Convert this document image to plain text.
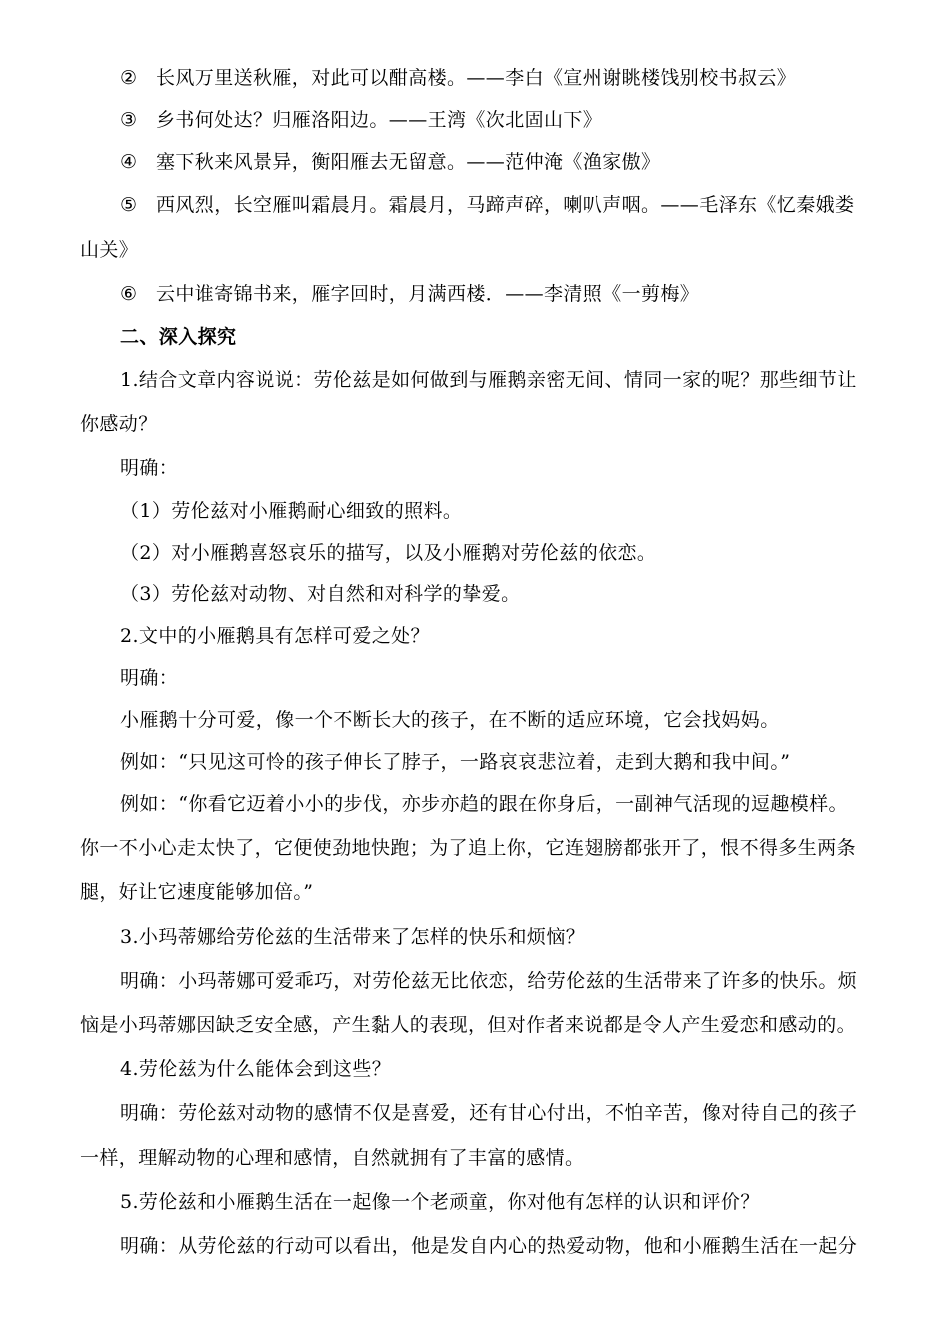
② 长风万里送秋雁，对此可以酣高楼。——李白《宣州谢眺楼饯别校书叔云》
③ 乡书何处达？归雁洛阳边。——王湾《次北固山下》
④ 塞下秋来风景异，衡阳雁去无留意。——范仲淹《渔家傲》
⑤ 西风烈，长空雁叫霜晨月。霜晨月，马蹄声碎，喇叭声咽。——毛泽东《忆秦娥娄
山关》
⑥ 云中谁寄锦书来，雁字回时，月满西楼．——李清照《一剪梅》
二、深入探究
1.结合文章内容说说：劳伦兹是如何做到与雁鹅亲密无间、情同一家的呢？那些细节让
你感动？
明确：
（1）劳伦兹对小雁鹅耐心细致的照料。
（2）对小雁鹅喜怒哀乐的描写，以及小雁鹅对劳伦兹的依恋。
（3）劳伦兹对动物、对自然和对科学的挚爱。
2.文中的小雁鹅具有怎样可爱之处？
明确：
小雁鹅十分可爱，像一个不断长大的孩子，在不断的适应环境，它会找妈妈。
例如：“只见这可怜的孩子伸长了脖子，一路哀哀悲泣着，走到大鹅和我中间。”
例如：“你看它迈着小小的步伐，亦步亦趋的跟在你身后，一副神气活现的逗趣模样。
你一不小心走太快了，它便使劲地快跑；为了追上你，它连翅膀都张开了，恨不得多生两条
腿，好让它速度能够加倍。”
3.小玛蒂娜给劳伦兹的生活带来了怎样的快乐和烦恼？
明确：小玛蒂娜可爱乖巧，对劳伦兹无比依恋，给劳伦兹的生活带来了许多的快乐。烦
恼是小玛蒂娜因缺乏安全感，产生黏人的表现，但对作者来说都是令人产生爱恋和感动的。
4.劳伦兹为什么能体会到这些？
明确：劳伦兹对动物的感情不仅是喜爱，还有甘心付出，不怕辛苦，像对待自己的孩子
一样，理解动物的心理和感情，自然就拥有了丰富的感情。
5.劳伦兹和小雁鹅生活在一起像一个老顽童，你对他有怎样的认识和评价？
明确：从劳伦兹的行动可以看出，他是发自内心的热爱动物，他和小雁鹅生活在一起分
